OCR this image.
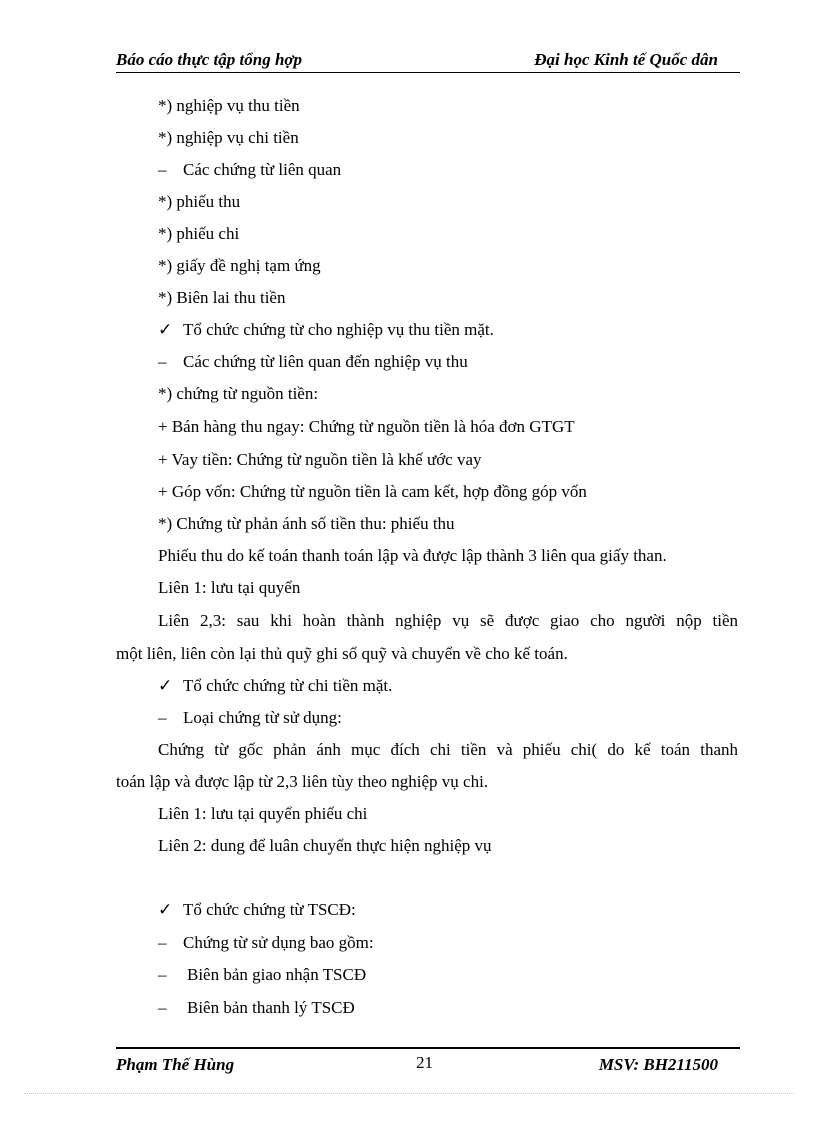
Báo cáo thực tập tổng hợp	Đại học Kinh tế Quốc dân
*) nghiệp vụ thu tiền
*) nghiệp vụ chi tiền
– Các chứng từ liên quan
*) phiếu thu
*) phiếu chi
*) giấy đề nghị tạm ứng
*) Biên lai thu tiền
✓ Tổ chức chứng từ cho nghiệp vụ thu tiền mặt.
– Các chứng từ liên quan đến nghiệp vụ thu
*) chứng từ nguồn tiền:
+ Bán hàng thu ngay: Chứng từ nguồn tiền là hóa đơn GTGT
+ Vay tiền: Chứng từ nguồn tiền là khế ước vay
+ Góp vốn: Chứng từ nguồn tiền là cam kết, hợp đồng góp vốn
*) Chứng từ phản ánh số tiền thu: phiếu thu
Phiếu thu do kế toán thanh toán lập và được lập thành 3 liên qua giấy than.
Liên 1: lưu tại quyển
Liên 2,3: sau khi hoàn thành nghiệp vụ sẽ được giao cho người nộp tiền
một liên, liên còn lại thủ quỹ ghi sổ quỹ và chuyển về cho kế toán.
✓ Tổ chức chứng từ chi tiền mặt.
– Loại chứng từ sử dụng:
Chứng từ gốc phản ánh mục đích chi tiền và phiếu chi( do kế toán thanh
toán lập và được lập từ 2,3 liên tùy theo nghiệp vụ chi.
Liên 1: lưu tại quyển phiếu chi
Liên 2: dung để luân chuyển thực hiện nghiệp vụ
✓ Tổ chức chứng từ TSCĐ:
– Chứng từ sử dụng bao gồm:
– Biên bản giao nhận TSCĐ
– Biên bản thanh lý TSCĐ
Phạm Thế Hùng	21	MSV: BH211500
